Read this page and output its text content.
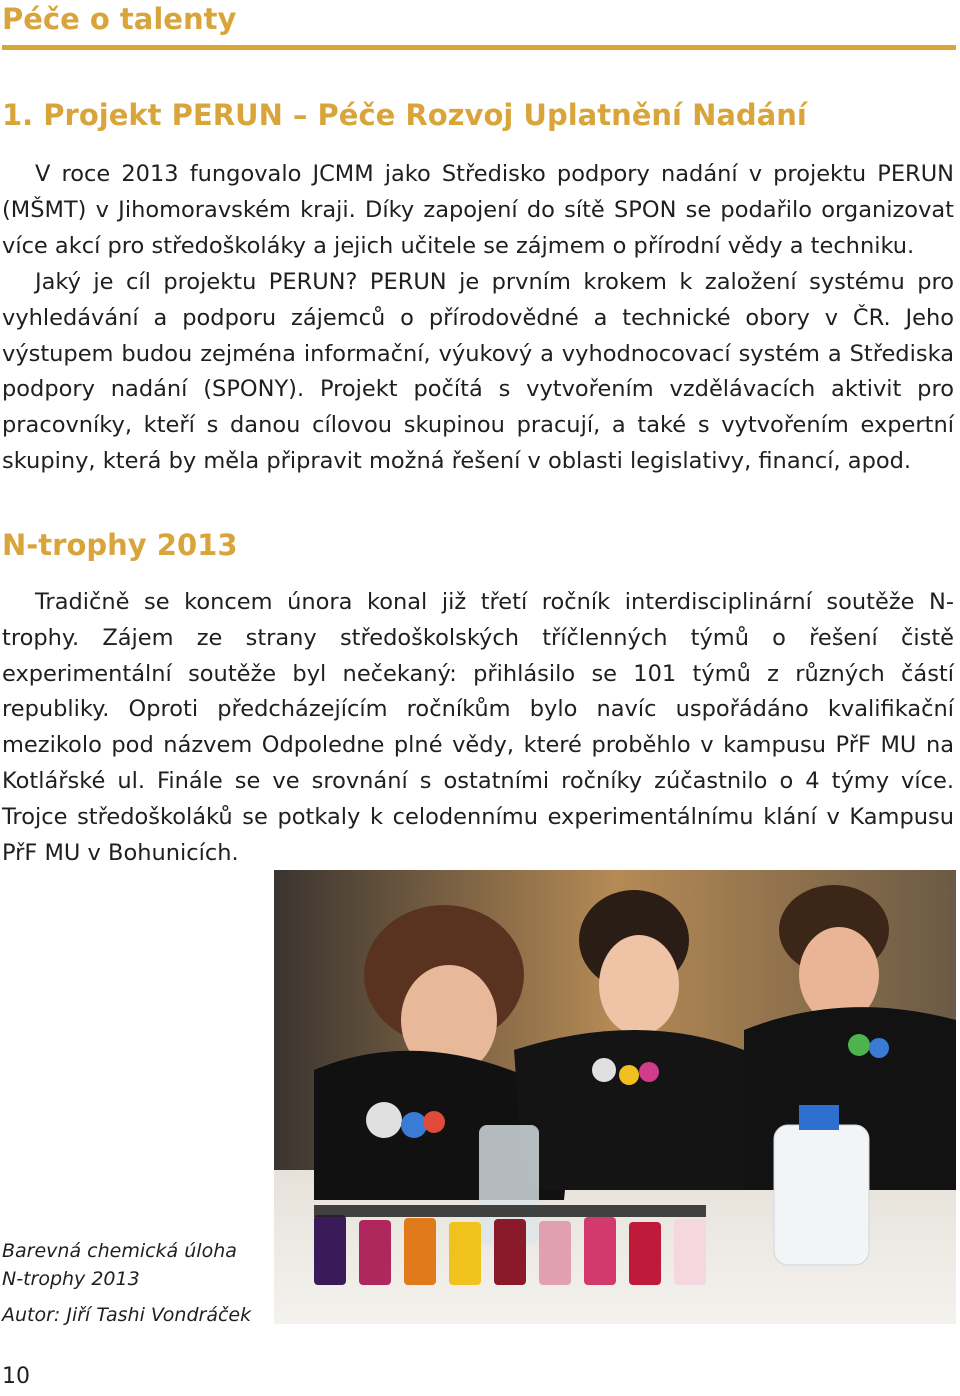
Péče o talenty
1. Projekt PERUN – Péče Rozvoj Uplatnění Nadání

V roce 2013 fungovalo JCMM jako Středisko podpory nadání v projektu PERUN (MŠMT) v Jihomoravském kraji. Díky zapojení do sítě SPON se podařilo organizovat více akcí pro středoškoláky a jejich učitele se zájmem o přírodní vědy a techniku.

Jaký je cíl projektu PERUN? PERUN je prvním krokem k založení systému pro vyhledávání a podporu zájemců o přírodovědné a technické obory v ČR. Jeho výstupem budou zejména informační, výukový a vyhodnocovací systém a Střediska podpory nadání (SPONY). Projekt počítá s vytvořením vzdělávacích aktivit pro pracovníky, kteří s danou cílovou skupinou pracují, a také s vytvořením expertní skupiny, která by měla připravit možná řešení v oblasti legislativy, financí, apod.

N-trophy 2013

Tradičně se koncem února konal již třetí ročník interdisciplinární soutěže N-trophy. Zájem ze strany středoškolských tříčlenných týmů o řešení čistě experimentální soutěže byl nečekaný: přihlásilo se 101 týmů z různých částí republiky. Oproti předcházejícím ročníkům bylo navíc uspořádáno kvalifikační mezikolo pod názvem Odpoledne plné vědy, které proběhlo v kampusu PřF MU na Kotlářské ul. Finále se ve srovnání s ostatními ročníky zúčastnilo o 4 týmy více. Trojce středoškoláků se potkaly k celodennímu experimentálnímu klání v Kampusu PřF MU v Bohunicích.

Barevná chemická úloha

N-trophy 2013

Autor: Jiří Tashi Vondráček

10
